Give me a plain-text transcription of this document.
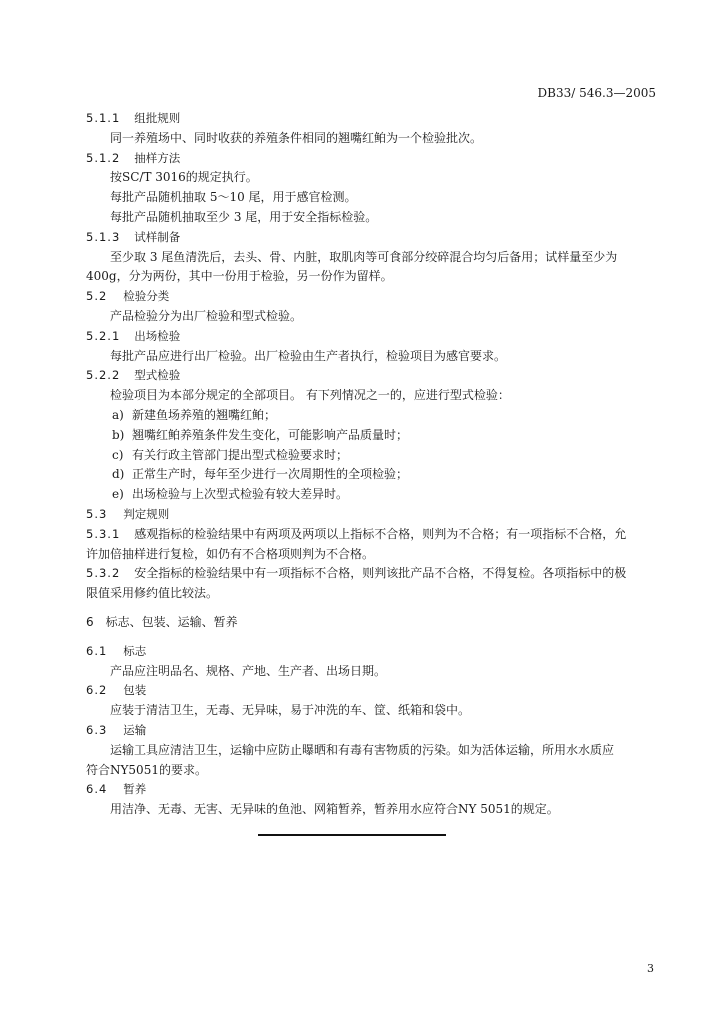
DB33/ 546.3—2005
5.1.1 组批规则
同一养殖场中、同时收获的养殖条件相同的翘嘴红鲌为一个检验批次。
5.1.2 抽样方法
按SC/T 3016的规定执行。
每批产品随机抽取 5～10 尾，用于感官检测。
每批产品随机抽取至少 3 尾，用于安全指标检验。
5.1.3 试样制备
至少取 3 尾鱼清洗后，去头、骨、内脏，取肌肉等可食部分绞碎混合均匀后备用；试样量至少为
400g，分为两份，其中一份用于检验，另一份作为留样。
5.2 检验分类
产品检验分为出厂检验和型式检验。
5.2.1 出场检验
每批产品应进行出厂检验。出厂检验由生产者执行，检验项目为感官要求。
5.2.2 型式检验
检验项目为本部分规定的全部项目。 有下列情况之一的，应进行型式检验：
a) 新建鱼场养殖的翘嘴红鲌；
b) 翘嘴红鲌养殖条件发生变化，可能影响产品质量时；
c) 有关行政主管部门提出型式检验要求时；
d) 正常生产时，每年至少进行一次周期性的全项检验；
e) 出场检验与上次型式检验有较大差异时。
5.3 判定规则
5.3.1 感观指标的检验结果中有两项及两项以上指标不合格，则判为不合格；有一项指标不合格，允
许加倍抽样进行复检，如仍有不合格项则判为不合格。
5.3.2 安全指标的检验结果中有一项指标不合格，则判该批产品不合格，不得复检。各项指标中的极
限值采用修约值比较法。
6 标志、包装、运输、暂养
6.1 标志
产品应注明品名、规格、产地、生产者、出场日期。
6.2 包装
应装于清洁卫生，无毒、无异味，易于冲洗的车、筐、纸箱和袋中。
6.3 运输
运输工具应清洁卫生，运输中应防止曝晒和有毒有害物质的污染。如为活体运输，所用水水质应
符合NY5051的要求。
6.4 暂养
用洁净、无毒、无害、无异味的鱼池、网箱暂养，暂养用水应符合NY 5051的规定。
3
